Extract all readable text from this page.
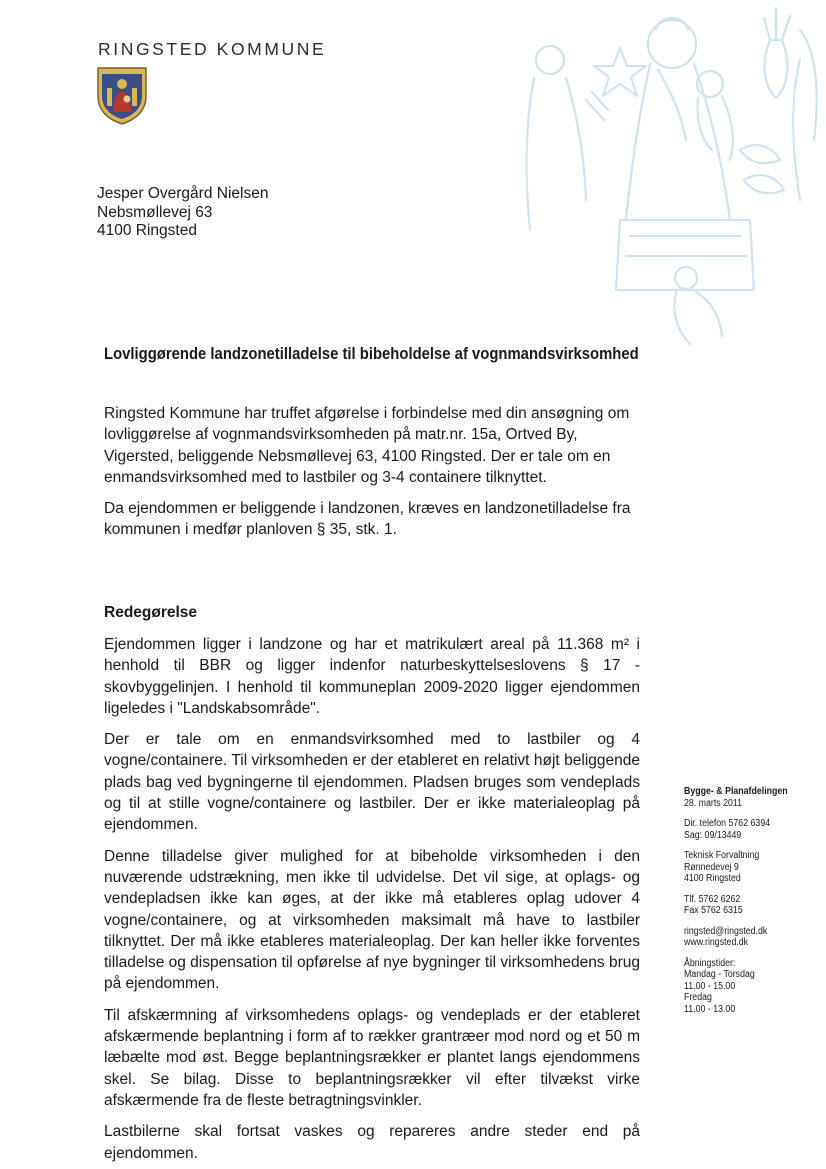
RINGSTED KOMMUNE
Jesper Overgård Nielsen
Nebsmøllevej 63
4100 Ringsted
Lovliggørende landzonetilladelse til bibeholdelse af vognmandsvirksomhed

Ringsted Kommune har truffet afgørelse i forbindelse med din ansøgning om lovliggørelse af vognmandsvirksomheden på matr.nr. 15a, Ortved By, Vigersted, beliggende Nebsmøllevej 63, 4100 Ringsted. Der er tale om en enmandsvirksomhed med to lastbiler og 3-4 containere tilknyttet.

Da ejendommen er beliggende i landzonen, kræves en landzonetilladelse fra kommunen i medfør planloven § 35, stk. 1.

Redegørelse

Ejendommen ligger i landzone og har et matrikulært areal på 11.368 m² i henhold til BBR og ligger indenfor naturbeskyttelseslovens § 17 - skovbyggelinjen. I henhold til kommuneplan 2009-2020 ligger ejendommen ligeledes i "Landskabsområde".

Der er tale om en enmandsvirksomhed med to lastbiler og 4 vogne/containere. Til virksomheden er der etableret en relativt højt beliggende plads bag ved bygningerne til ejendommen. Pladsen bruges som vendeplads og til at stille vogne/containere og lastbiler. Der er ikke materialeoplag på ejendommen.

Denne tilladelse giver mulighed for at bibeholde virksomheden i den nuværende udstrækning, men ikke til udvidelse. Det vil sige, at oplags- og vendepladsen ikke kan øges, at der ikke må etableres oplag udover 4 vogne/containere, og at virksomheden maksimalt må have to lastbiler tilknyttet. Der må ikke etableres materialeoplag. Der kan heller ikke forventes tilladelse og dispensation til opførelse af nye bygninger til virksomhedens brug på ejendommen.

Til afskærmning af virksomhedens oplags- og vendeplads er der etableret afskærmende beplantning i form af to rækker grantræer mod nord og et 50 m læbælte mod øst. Begge beplantningsrækker er plantet langs ejendommens skel. Se bilag. Disse to beplantningsrækker vil efter tilvækst virke afskærmende fra de fleste betragtningsvinkler.

Lastbilerne skal fortsat vaskes og repareres andre steder end på ejendommen.

Bygge- & Planafdelingen
28. marts 2011
Dir. telefon 5762 6394
Sag: 09/13449
Teknisk Forvaltning
Rønnedevej 9
4100 Ringsted
Tlf. 5762 6262
Fax 5762 6315
ringsted@ringsted.dk
www.ringsted.dk
Åbningstider:
Mandag - Torsdag
11.00 - 15.00
Fredag
11.00 - 13.00
